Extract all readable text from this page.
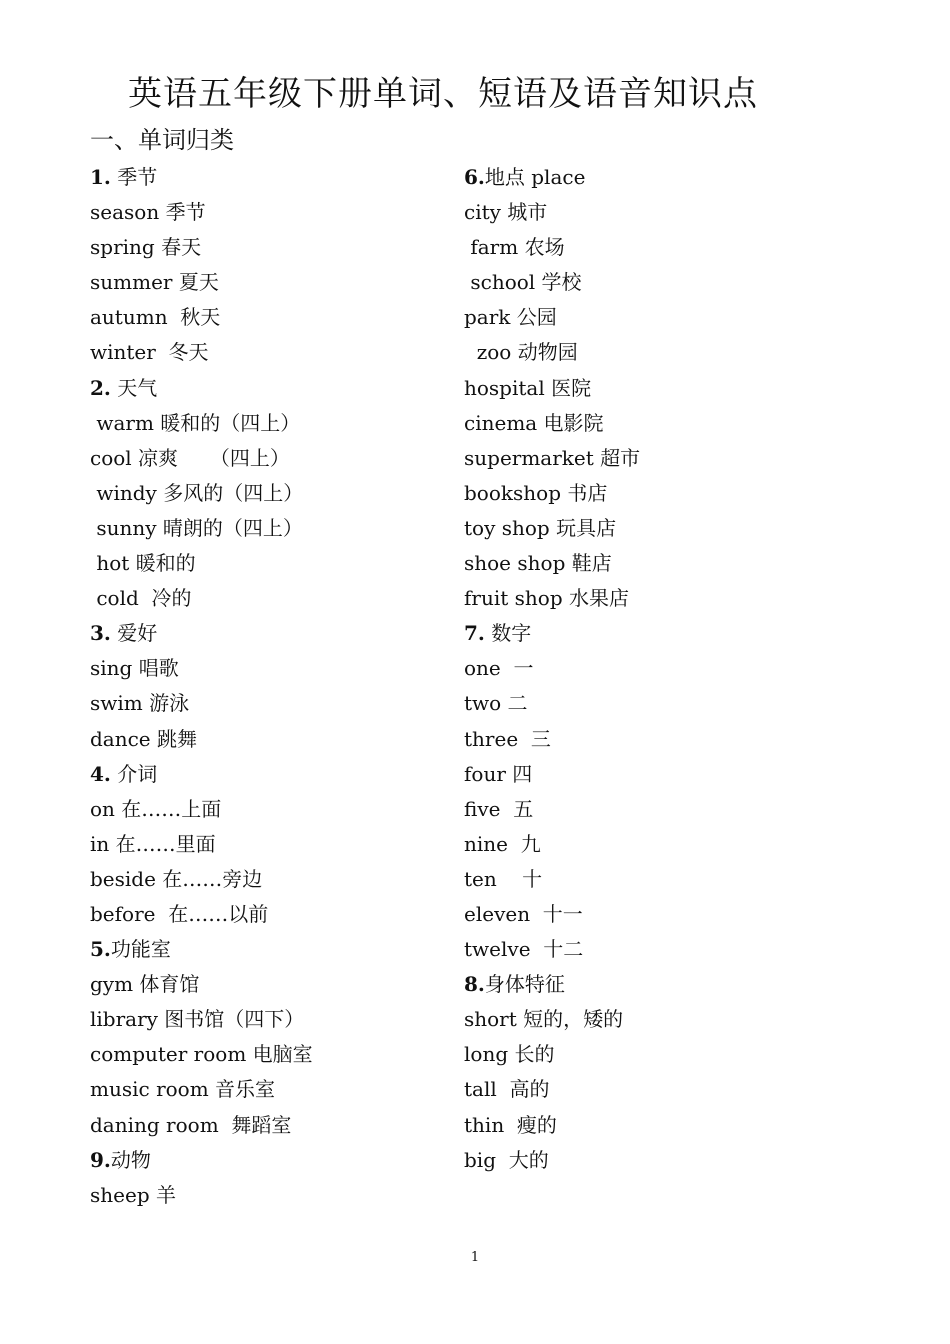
英语五年级下册单词、短语及语音知识点
一、单词归类
1. 季节
season 季节
spring 春天
summer 夏天
autumn  秋天
winter  冬天
2. 天气
warm 暖和的（四上）
cool 凉爽     （四上）
windy 多风的（四上）
sunny 晴朗的（四上）
hot 暖和的
cold  冷的
3. 爱好
sing 唱歌
swim 游泳
dance 跳舞
4. 介词
on 在……上面
in 在……里面
beside 在……旁边
before  在……以前
5.功能室
gym 体育馆
library 图书馆（四下）
computer room 电脑室
music room 音乐室
daning room  舞蹈室
9.动物
sheep 羊
6.地点 place
city 城市
farm 农场
school 学校
park 公园
zoo 动物园
hospital 医院
cinema 电影院
supermarket 超市
bookshop 书店
toy shop 玩具店
shoe shop 鞋店
fruit shop 水果店
7. 数字
one  一
two 二
three  三
four 四
five  五
nine  九
ten    十
eleven  十一
twelve  十二
8.身体特征
short 短的，矮的
long 长的
tall  高的
thin  瘦的
big  大的
1
